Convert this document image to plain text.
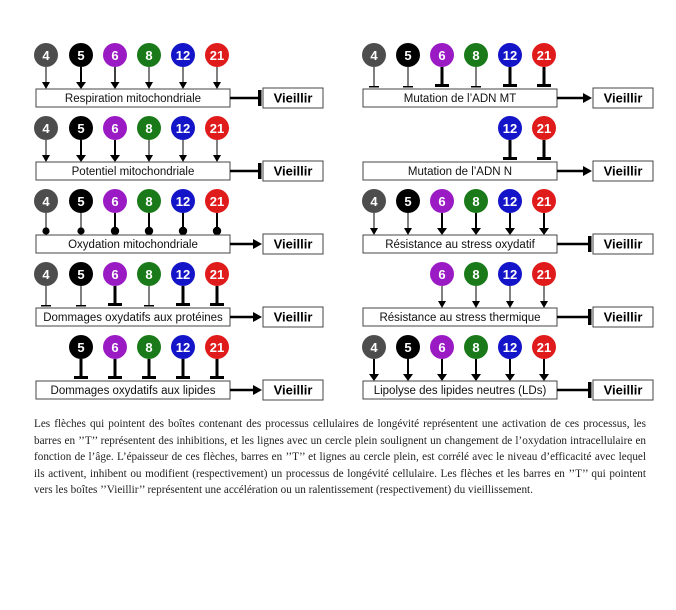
4 5 6 8 12 21
Respiration mitochondriale	Vieillir
4 5 6 8 12 21
Mutation de l’ADN MT	Vieillir
4 5 6 8 12 21
Potentiel mitochondriale	Vieillir
12 21
Mutation de l’ADN N	Vieillir
4 5 6 8 12 21
Oxydation mitochondriale	Vieillir
4 5 6 8 12 21
Résistance au stress oxydatif	Vieillir
4 5 6 8 12 21
Dommages oxydatifs aux protéines	Vieillir
6 8 12 21
Résistance au stress thermique	Vieillir
5 6 8 12 21
Dommages oxydatifs aux lipides	Vieillir
4 5 6 8 12 21
Lipolyse des lipides neutres (LDs)	Vieillir

Les flèches qui pointent des boîtes contenant des processus cellulaires de longévité représentent une activation de ces processus, les barres en ’’T’’ représentent des inhibitions, et les lignes avec un cercle plein soulignent un changement de l’oxydation intracellulaire en fonction de l’âge. L’épaisseur de ces flèches, barres en ’’T’’ et lignes au cercle plein, est corrélé avec le niveau d’efficacité avec lequel ils activent, inhibent ou modifient (respectivement) un processus de longévité cellulaire. Les flèches et les barres en ’’T’’ qui pointent vers les boîtes ’’Vieillir’’ représentent une accélération ou un ralentissement (respectivement) du vieillissement.
